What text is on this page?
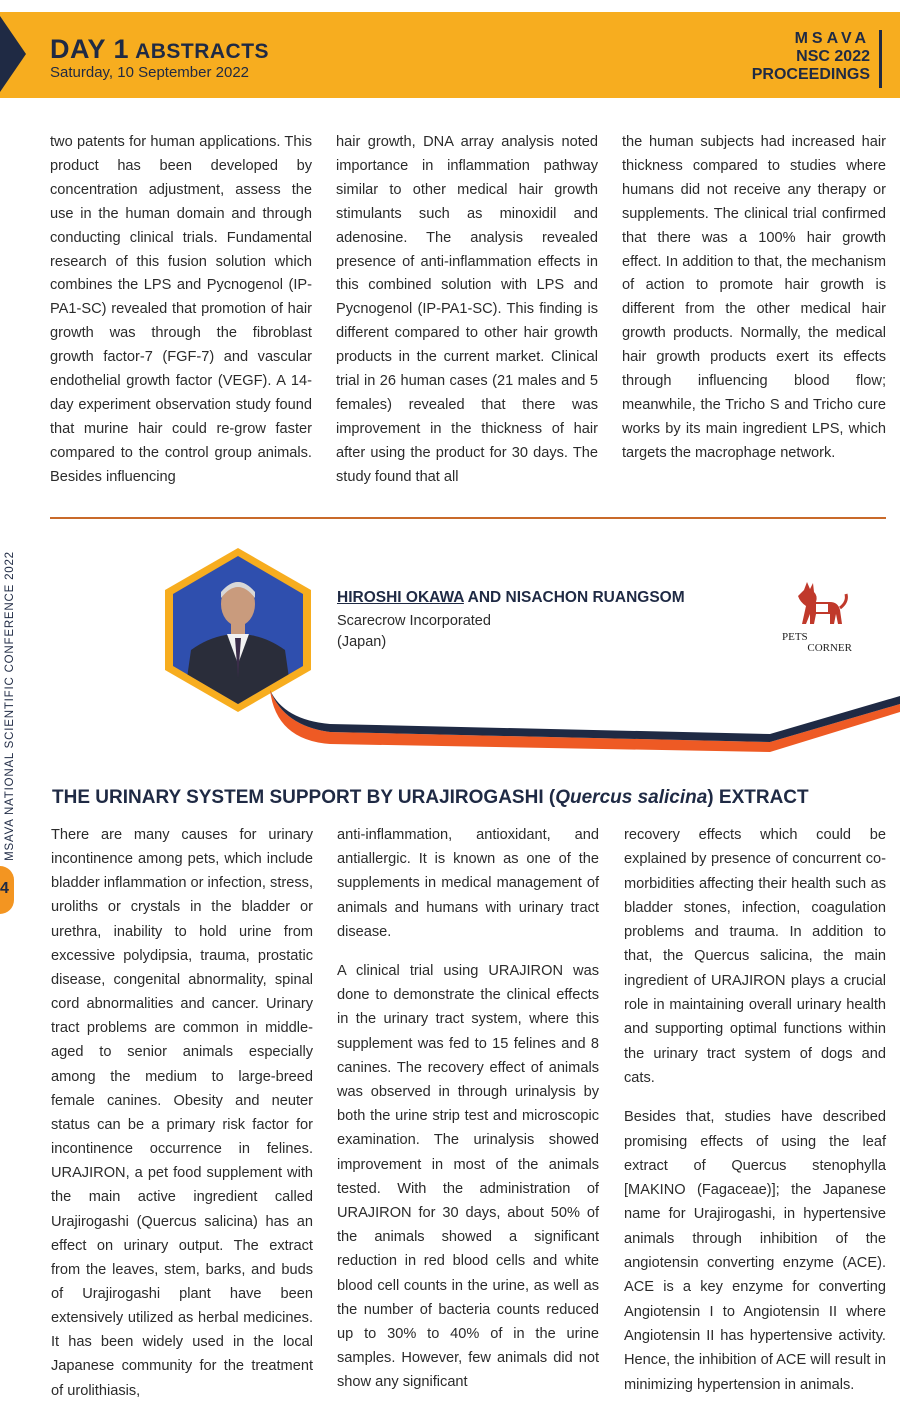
DAY 1 ABSTRACTS
Saturday, 10 September 2022
MSAVA
NSC 2022
PROCEEDINGS

two patents for human applications. This product has been developed by concentration adjustment, assess the use in the human domain and through conducting clinical trials. Fundamental research of this fusion solution which combines the LPS and Pycnogenol (IP-PA1-SC) revealed that promotion of hair growth was through the fibroblast growth factor-7 (FGF-7) and vascular endothelial growth factor (VEGF). A 14-day experiment observation study found that murine hair could re-grow faster compared to the control group animals. Besides influencing

hair growth, DNA array analysis noted importance in inflammation pathway similar to other medical hair growth stimulants such as minoxidil and adenosine. The analysis revealed presence of anti-inflammation effects in this combined solution with LPS and Pycnogenol (IP-PA1-SC). This finding is different compared to other hair growth products in the current market. Clinical trial in 26 human cases (21 males and 5 females) revealed that there was improvement in the thickness of hair after using the product for 30 days. The study found that all

the human subjects had increased hair thickness compared to studies where humans did not receive any therapy or supplements. The clinical trial confirmed that there was a 100% hair growth effect. In addition to that, the mechanism of action to promote hair growth is different from the other medical hair growth products. Normally, the medical hair growth products exert its effects through influencing blood flow; meanwhile, the Tricho S and Tricho cure works by its main ingredient LPS, which targets the macrophage network.

MSAVA NATIONAL SCIENTIFIC CONFERENCE 2022
4
HIROSHI OKAWA AND NISACHON RUANGSOM
Scarecrow Incorporated
(Japan)	PETS
CORNER
THE URINARY SYSTEM SUPPORT BY URAJIROGASHI (Quercus salicina) EXTRACT

There are many causes for urinary incontinence among pets, which include bladder inflammation or infection, stress, uroliths or crystals in the bladder or urethra, inability to hold urine from excessive polydipsia, trauma, prostatic disease, congenital abnormality, spinal cord abnormalities and cancer. Urinary tract problems are common in middle-aged to senior animals especially among the medium to large-breed female canines. Obesity and neuter status can be a primary risk factor for incontinence occurrence in felines. URAJIRON, a pet food supplement with the main active ingredient called Urajirogashi (Quercus salicina) has an effect on urinary output. The extract from the leaves, stem, barks, and buds of Urajirogashi plant have been extensively utilized as herbal medicines. It has been widely used in the local Japanese community for the treatment of urolithiasis,

anti-inflammation, antioxidant, and antiallergic. It is known as one of the supplements in medical management of animals and humans with urinary tract disease.

A clinical trial using URAJIRON was done to demonstrate the clinical effects in the urinary tract system, where this supplement was fed to 15 felines and 8 canines. The recovery effect of animals was observed in through urinalysis by both the urine strip test and microscopic examination. The urinalysis showed improvement in most of the animals tested. With the administration of URAJIRON for 30 days, about 50% of the animals showed a significant reduction in red blood cells and white blood cell counts in the urine, as well as the number of bacteria counts reduced up to 30% to 40% of in the urine samples. However, few animals did not show any significant

recovery effects which could be explained by presence of concurrent co-morbidities affecting their health such as bladder stones, infection, coagulation problems and trauma. In addition to that, the Quercus salicina, the main ingredient of URAJIRON plays a crucial role in maintaining overall urinary health and supporting optimal functions within the urinary tract system of dogs and cats.

Besides that, studies have described promising effects of using the leaf extract of Quercus stenophylla [MAKINO (Fagaceae)]; the Japanese name for Urajirogashi, in hypertensive animals through inhibition of the angiotensin converting enzyme (ACE). ACE is a key enzyme for converting Angiotensin I to Angiotensin II where Angiotensin II has hypertensive activity. Hence, the inhibition of ACE will result in minimizing hypertension in animals.
